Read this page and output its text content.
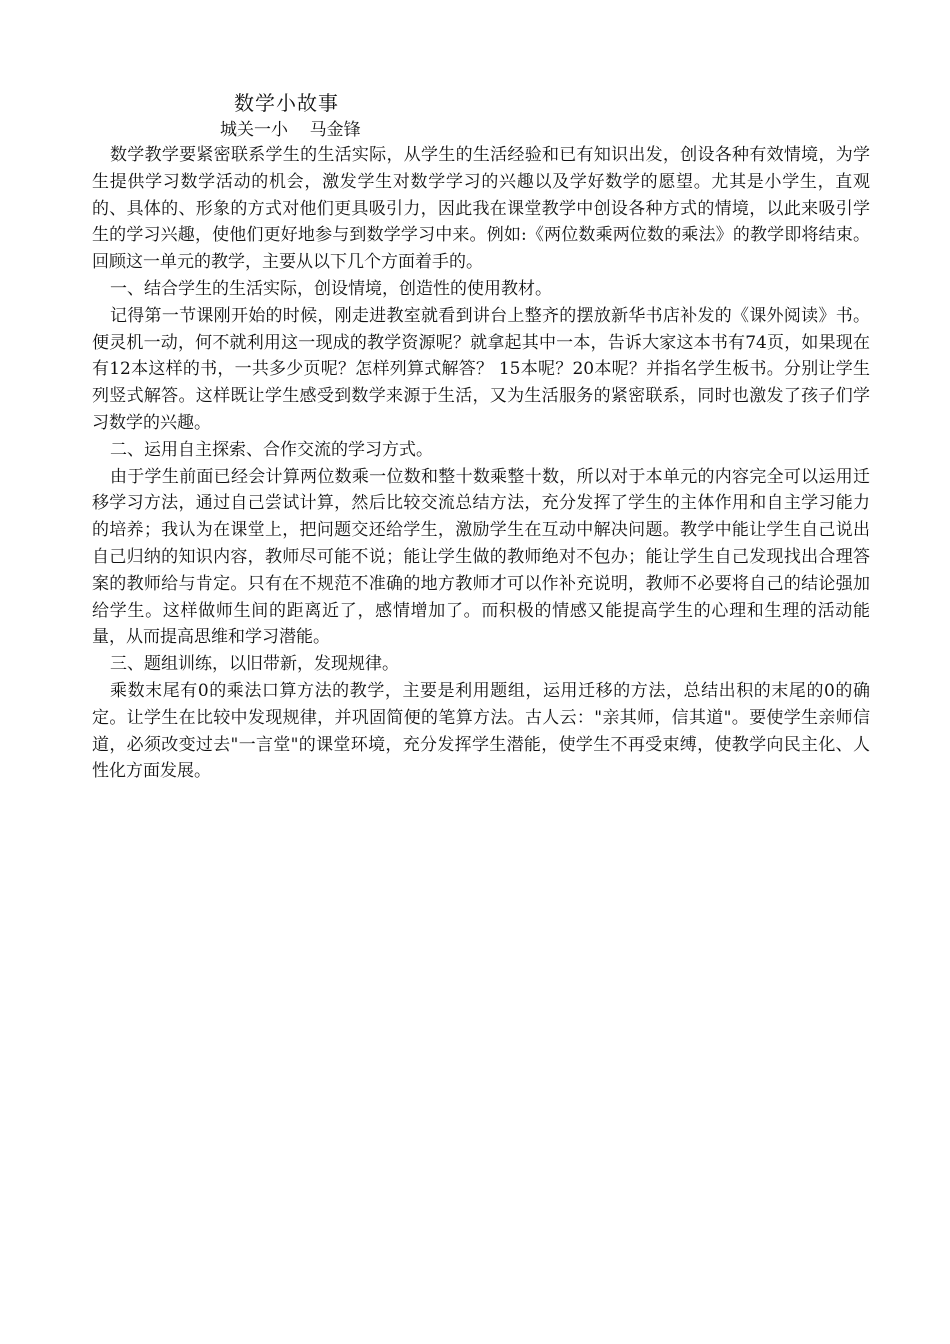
数学小故事
城关一小    马金锋

数学教学要紧密联系学生的生活实际，从学生的生活经验和已有知识出发，创设各种有效情境，为学生提供学习数学活动的机会，激发学生对数学学习的兴趣以及学好数学的愿望。尤其是小学生，直观的、具体的、形象的方式对他们更具吸引力，因此我在课堂教学中创设各种方式的情境，以此来吸引学生的学习兴趣，使他们更好地参与到数学学习中来。例如:《两位数乘两位数的乘法》的教学即将结束。回顾这一单元的教学，主要从以下几个方面着手的。

一、结合学生的生活实际，创设情境，创造性的使用教材。

记得第一节课刚开始的时候，刚走进教室就看到讲台上整齐的摆放新华书店补发的《课外阅读》书。便灵机一动，何不就利用这一现成的教学资源呢？就拿起其中一本，告诉大家这本书有74页，如果现在有12本这样的书，一共多少页呢？怎样列算式解答？ 15本呢？20本呢？并指名学生板书。分别让学生列竖式解答。这样既让学生感受到数学来源于生活，又为生活服务的紧密联系，同时也激发了孩子们学习数学的兴趣。

二、运用自主探索、合作交流的学习方式。

由于学生前面已经会计算两位数乘一位数和整十数乘整十数，所以对于本单元的内容完全可以运用迁移学习方法，通过自己尝试计算，然后比较交流总结方法，充分发挥了学生的主体作用和自主学习能力的培养；我认为在课堂上，把问题交还给学生，激励学生在互动中解决问题。教学中能让学生自己说出自己归纳的知识内容，教师尽可能不说；能让学生做的教师绝对不包办；能让学生自己发现找出合理答案的教师给与肯定。只有在不规范不准确的地方教师才可以作补充说明，教师不必要将自己的结论强加给学生。这样做师生间的距离近了，感情增加了。而积极的情感又能提高学生的心理和生理的活动能量，从而提高思维和学习潜能。

三、题组训练，以旧带新，发现规律。

乘数末尾有0的乘法口算方法的教学，主要是利用题组，运用迁移的方法，总结出积的末尾的0的确定。让学生在比较中发现规律，并巩固简便的笔算方法。古人云："亲其师，信其道"。要使学生亲师信道，必须改变过去"一言堂"的课堂环境，充分发挥学生潜能，使学生不再受束缚，使教学向民主化、人性化方面发展。
